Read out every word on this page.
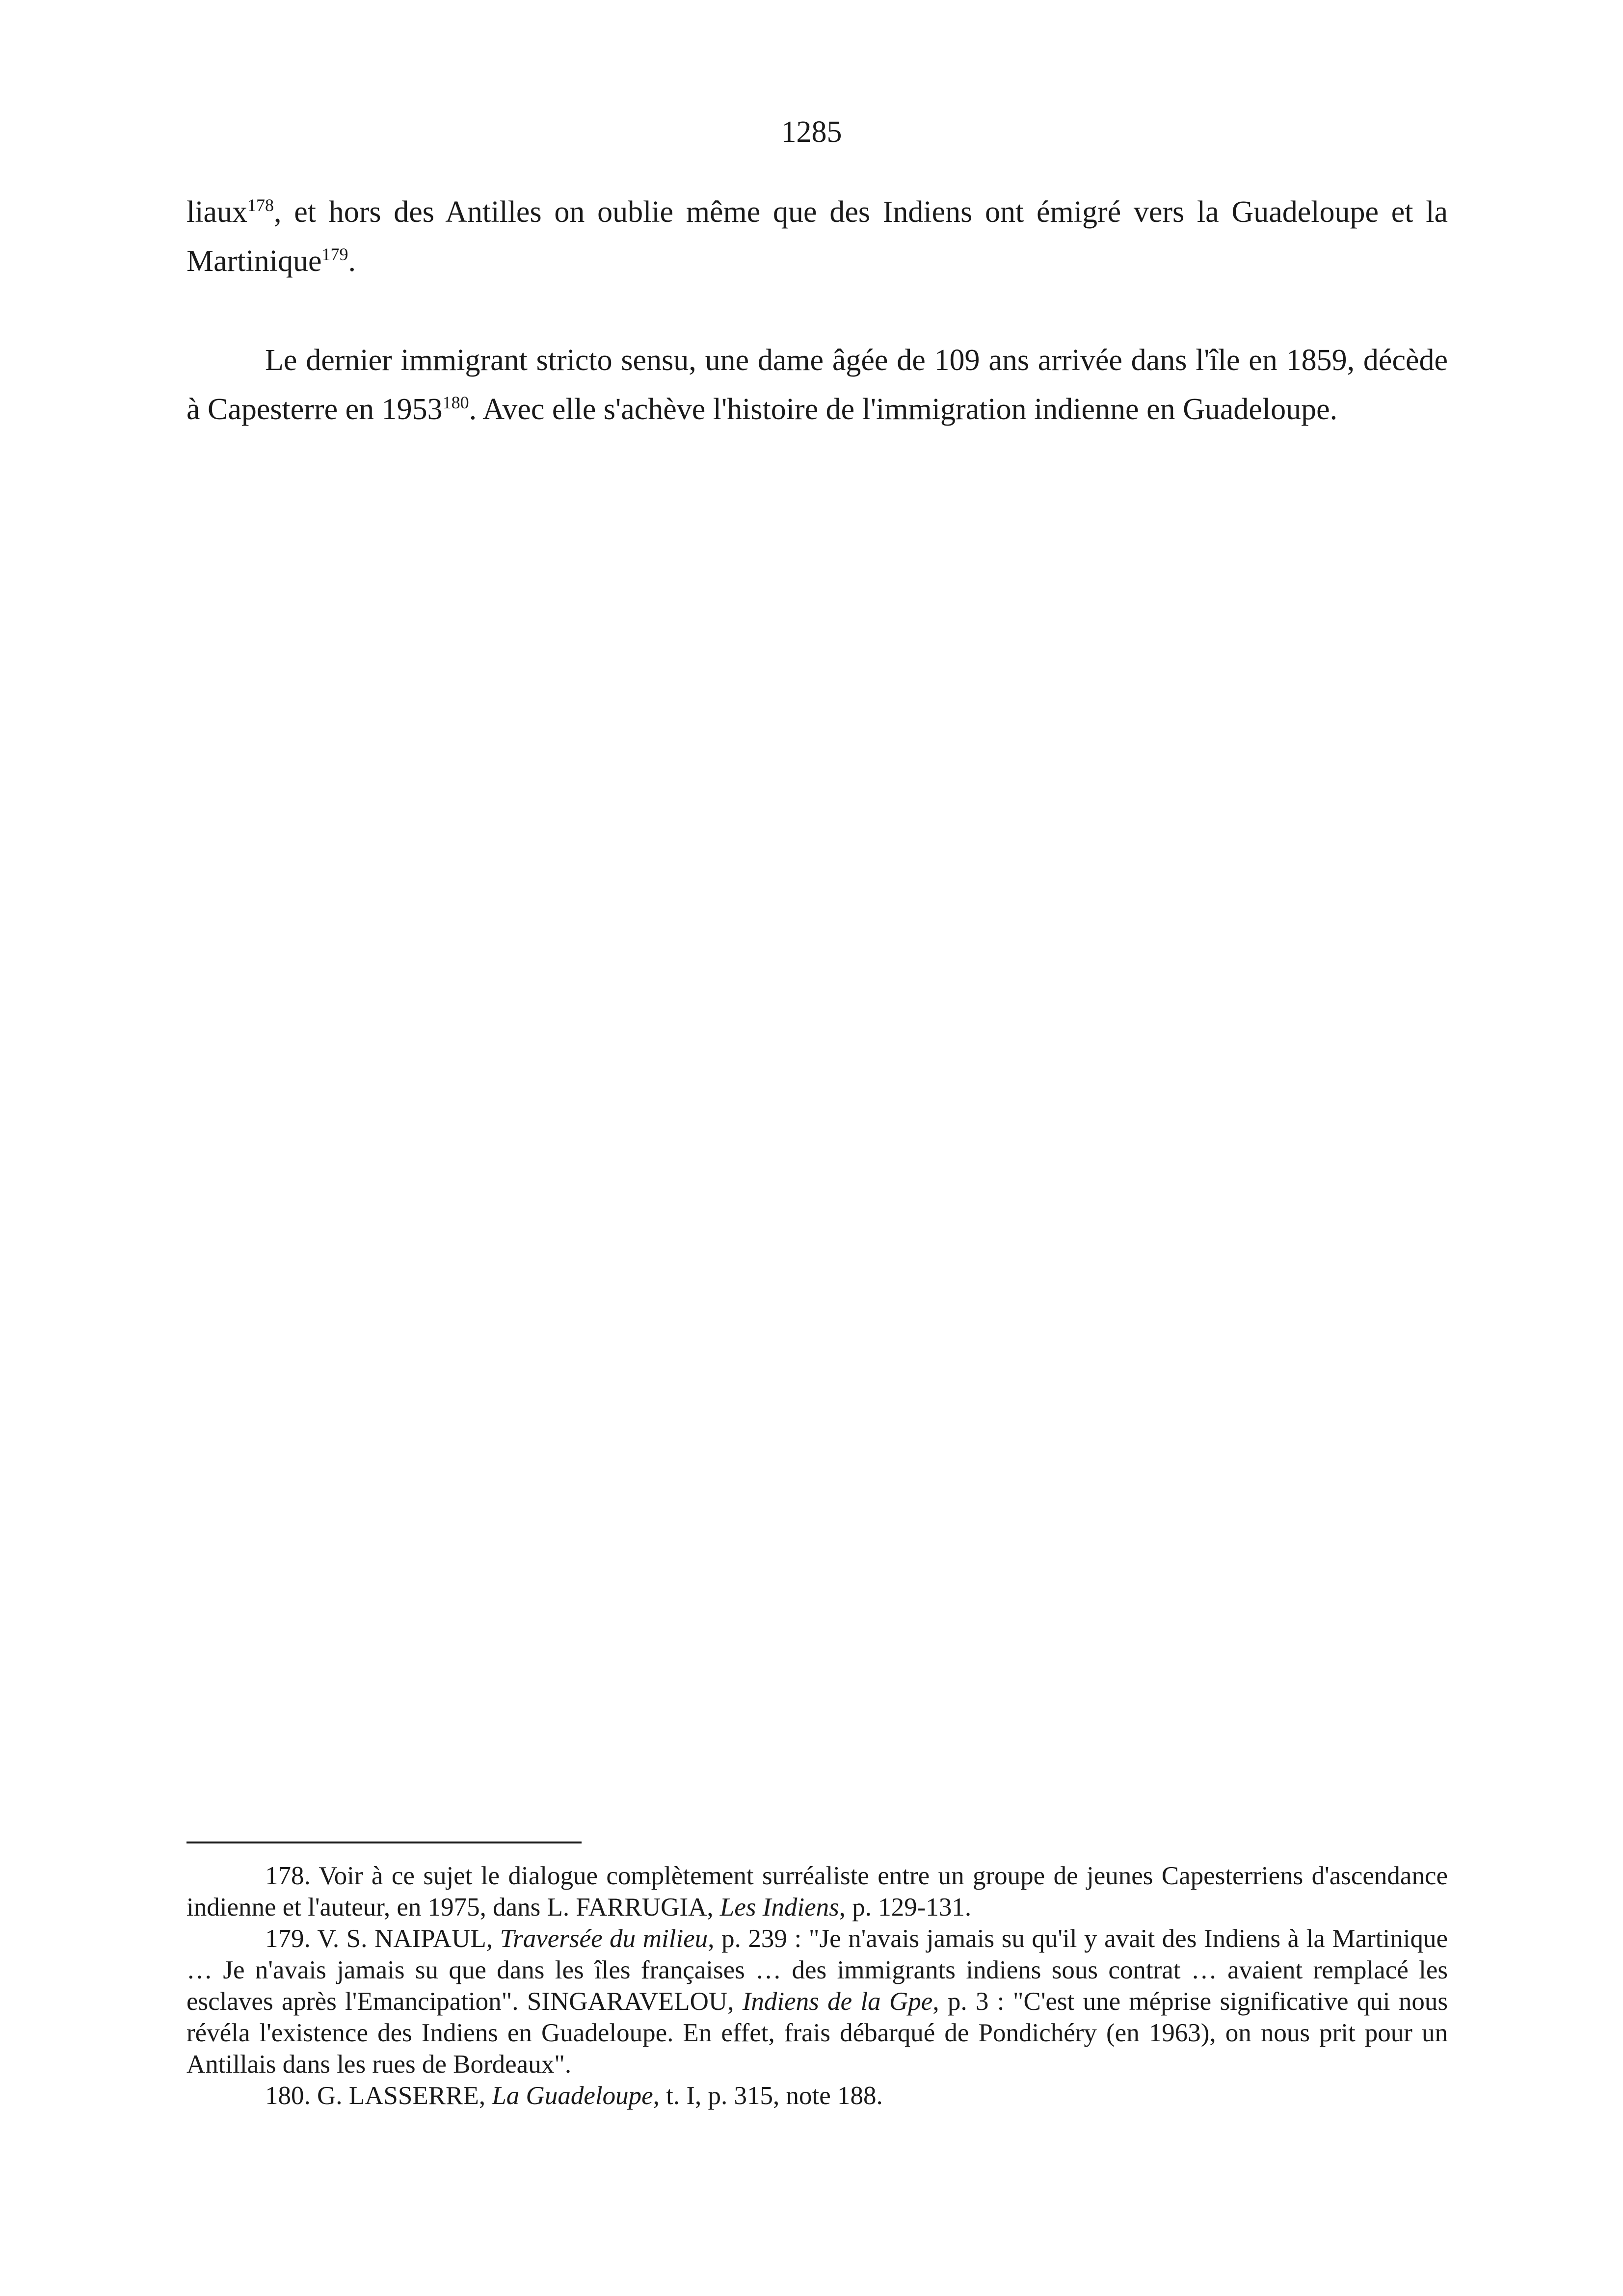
1285

liaux$^{178}$, et hors des Antilles on oublie même que des Indiens ont émigré vers la Guadeloupe et la Martinique$^{179}$.

Le dernier immigrant stricto sensu, une dame âgée de 109 ans arrivée dans l'île en 1859, décède à Capesterre en 1953$^{180}$. Avec elle s'achève l'histoire de l'immigration indienne en Guadeloupe.

178. Voir à ce sujet le dialogue complètement surréaliste entre un groupe de jeunes Capesterriens d'ascendance indienne et l'auteur, en 1975, dans L. FARRUGIA, Les Indiens, p. 129-131.

179. V. S. NAIPAUL, Traversée du milieu, p. 239 : "Je n'avais jamais su qu'il y avait des Indiens à la Martinique … Je n'avais jamais su que dans les îles françaises … des immigrants indiens sous contrat … avaient remplacé les esclaves après l'Emancipation". SINGARAVELOU, Indiens de la Gpe, p. 3 : "C'est une méprise significative qui nous révéla l'existence des Indiens en Guadeloupe. En effet, frais débarqué de Pondichéry (en 1963), on nous prit pour un Antillais dans les rues de Bordeaux".

180. G. LASSERRE, La Guadeloupe, t. I, p. 315, note 188.
